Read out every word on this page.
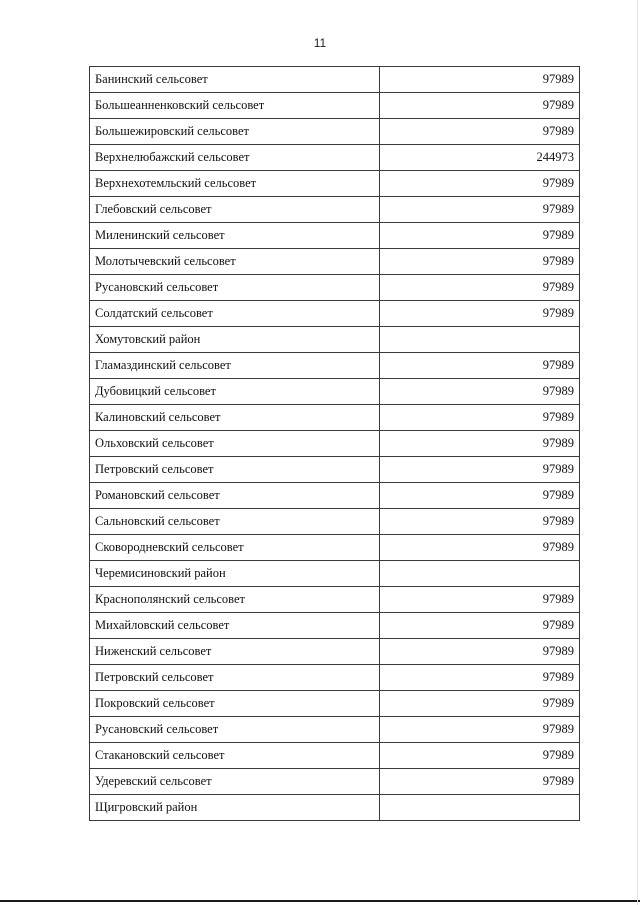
11
Банинский сельсовет	97989
Большеанненковский сельсовет	97989
Большежировский сельсовет	97989
Верхнелюбажский сельсовет	244973
Верхнехотемльский сельсовет	97989
Глебовский сельсовет	97989
Миленинский сельсовет	97989
Молотычевский сельсовет	97989
Русановский сельсовет	97989
Солдатский сельсовет	97989
Хомутовский район	
Гламаздинский сельсовет	97989
Дубовицкий сельсовет	97989
Калиновский сельсовет	97989
Ольховский сельсовет	97989
Петровский сельсовет	97989
Романовский сельсовет	97989
Сальновский сельсовет	97989
Сковородневский сельсовет	97989
Черемисиновский район	
Краснополянский сельсовет	97989
Михайловский сельсовет	97989
Ниженский сельсовет	97989
Петровский сельсовет	97989
Покровский сельсовет	97989
Русановский сельсовет	97989
Стакановский сельсовет	97989
Удеревский сельсовет	97989
Щигровский район	
